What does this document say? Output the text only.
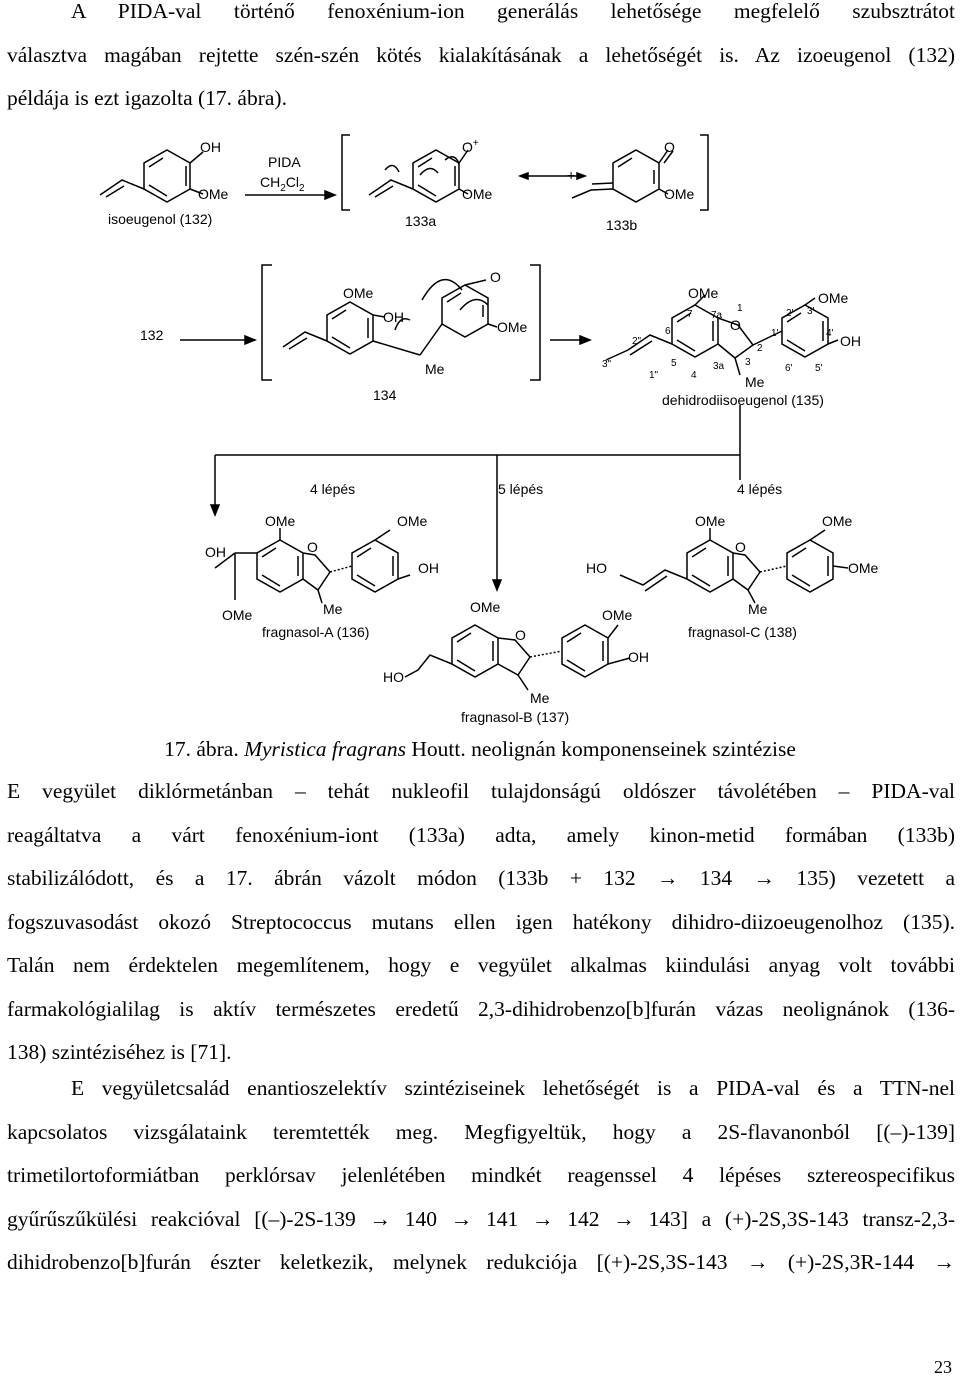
A PIDA-val történő fenoxénium-ion generálás lehetősége megfelelő szubsztrátot
választva magában rejtette szén-szén kötés kialakításának a lehetőségét is. Az izoeugenol (132)
példája is ezt igazolta (17. ábra).
OH
OMe
PIDA
$CH_2Cl_2$
isoeugenol (132)
O+
OMe
133a
O
OMe
+
133b
132
OMe
OH
Me
O
OMe
134
OMe
O
OMe
OH
Me
dehidrodiisoeugenol (135)
1
2
3
3a
4
5
6
7 7a
1'
2' 3'
4'
5'
6'
1"
2"
3"
4 lépés	5 lépés	4 lépés
OMe
OH	O
OMe
OH
OMe	Me
fragnasol-A (136)
OMe
O
OMe
OH
HO
Me
fragnasol-B (137)
OMe
O
OMe
OMe
HO
Me
fragnasol-C (138)
17. ábra. Myristica fragrans Houtt. neolignán komponenseinek szintézise
E vegyület diklórmetánban – tehát nukleofil tulajdonságú oldószer távolétében – PIDA-val
reagáltatva a várt fenoxénium-iont (133a) adta, amely kinon-metid formában (133b)
stabilizálódott, és a 17. ábrán vázolt módon (133b + 132 → 134 → 135) vezetett a
fogszuvasodást okozó Streptococcus mutans ellen igen hatékony dihidro-diizoeugenolhoz (135).
Talán nem érdektelen megemlítenem, hogy e vegyület alkalmas kiindulási anyag volt további
farmakológialilag is aktív természetes eredetű 2,3-dihidrobenzo[b]furán vázas neolignánok (136-
138) szintéziséhez is [71].
E vegyületcsalád enantioszelektív szintéziseinek lehetőségét is a PIDA-val és a TTN-nel
kapcsolatos vizsgálataink teremtették meg. Megfigyeltük, hogy a 2S-flavanonból [(–)-139]
trimetilortoformiátban perklórsav jelenlétében mindkét reagenssel 4 lépéses sztereospecifikus
gyűrűszűkülési reakcióval [(–)-2S-139 → 140 → 141 → 142 → 143] a (+)-2S,3S-143 transz-2,3-
dihidrobenzo[b]furán észter keletkezik, melynek redukciója [(+)-2S,3S-143 → (+)-2S,3R-144 →
23
